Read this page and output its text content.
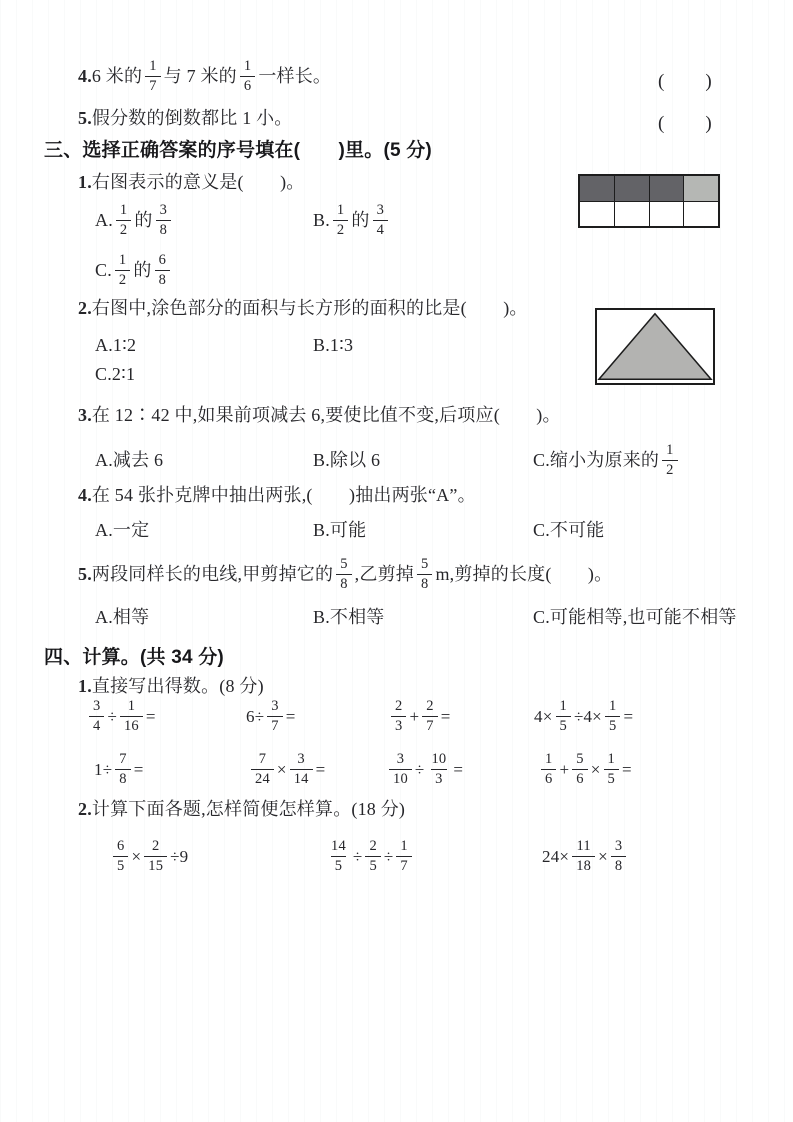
4. 6 米的 $\frac{1}{7}$ 与 7 米的 $\frac{1}{6}$ 一样长。	(　　)
5. 假分数的倒数都比 1 小。	(　　)
三、选择正确答案的序号填在(　　)里。(5 分)
1. 右图表示的意义是(　　)。
A. $\frac{1}{2}$ 的 $\frac{3}{8}$	B. $\frac{1}{2}$ 的 $\frac{3}{4}$
C. $\frac{1}{2}$ 的 $\frac{6}{8}$
2. 右图中,涂色部分的面积与长方形的面积的比是(　　)。
A.1∶2	B.1∶3
C.2∶1
3. 在 12∶42 中,如果前项减去 6,要使比值不变,后项应(　　)。
A.减去 6	B.除以 6	C.缩小为原来的 $\frac{1}{2}$
4. 在 54 张扑克牌中抽出两张,(　　)抽出两张“A”。
A.一定	B.可能	C.不可能
5. 两段同样长的电线,甲剪掉它的 $\frac{5}{8}$ ,乙剪掉 $\frac{5}{8} m$,剪掉的长度(　　)。
A.相等	B.不相等	C.可能相等,也可能不相等
四、计算。(共 34 分)
1. 直接写出得数。(8 分)
$\frac{3}{4} \div \frac{1}{16}$ =	$6\div \frac{3}{7}$ =	$\frac{2}{3} + \frac{2}{7}$ =	$4\times \frac{1}{5} \div 4\times \frac{1}{5}$ =
$1\div \frac{7}{8}$ =	$\frac{7}{24} \times \frac{3}{14}$ =	$\frac{3}{10} \div \frac{10}{3}$ =	$\frac{1}{6} + \frac{5}{6} \times \frac{1}{5}$ =
2. 计算下面各题,怎样简便怎样算。(18 分)
$\frac{6}{5} \times \frac{2}{15} \div 9$	$\frac{14}{5} \div \frac{2}{5} \div \frac{1}{7}$	$24\times \frac{11}{18} \times \frac{3}{8}$
